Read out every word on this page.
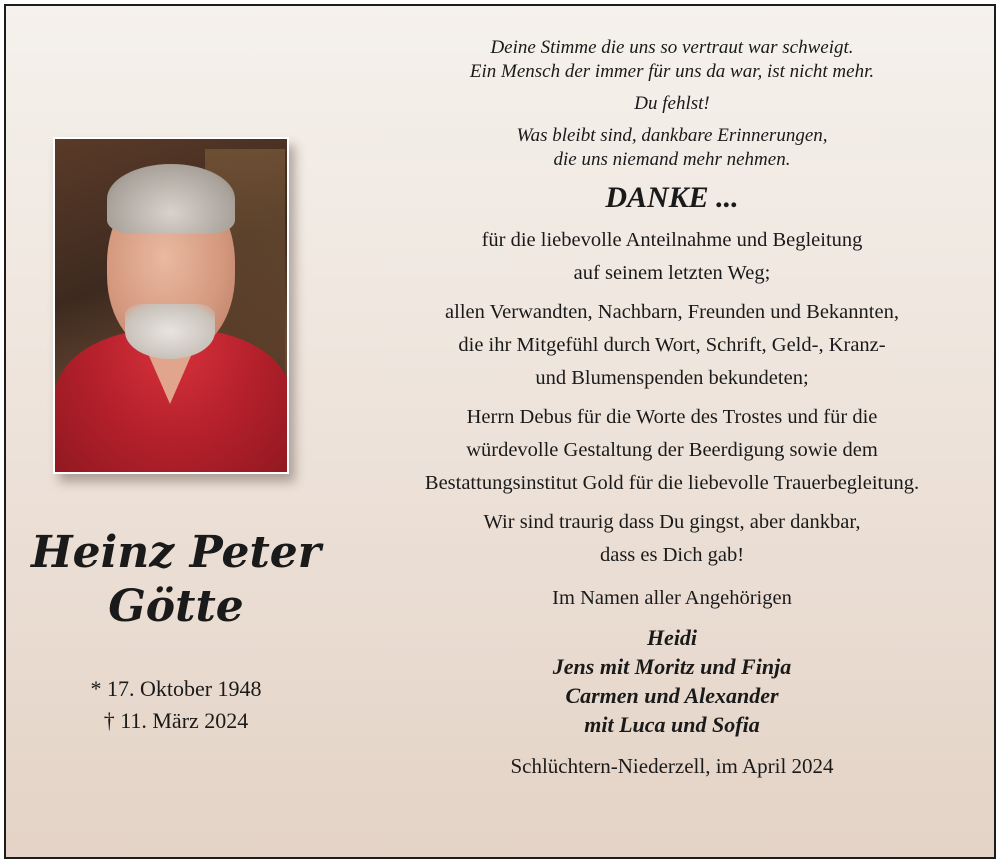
Heinz Peter
Götte
* 17. Oktober 1948
† 11. März 2024

Deine Stimme die uns so vertraut war schweigt.
Ein Mensch der immer für uns da war, ist nicht mehr.

Du fehlst!

Was bleibt sind, dankbare Erinnerungen,
die uns niemand mehr nehmen.

DANKE ...

für die liebevolle Anteilnahme und Begleitung
auf seinem letzten Weg;

allen Verwandten, Nachbarn, Freunden und Bekannten,
die ihr Mitgefühl durch Wort, Schrift, Geld-, Kranz-
und Blumenspenden bekundeten;

Herrn Debus für die Worte des Trostes und für die
würdevolle Gestaltung der Beerdigung sowie dem
Bestattungsinstitut Gold für die liebevolle Trauerbegleitung.

Wir sind traurig dass Du gingst, aber dankbar,
dass es Dich gab!

Im Namen aller Angehörigen
Heidi
Jens mit Moritz und Finja
Carmen und Alexander
mit Luca und Sofia
Schlüchtern-Niederzell, im April 2024
